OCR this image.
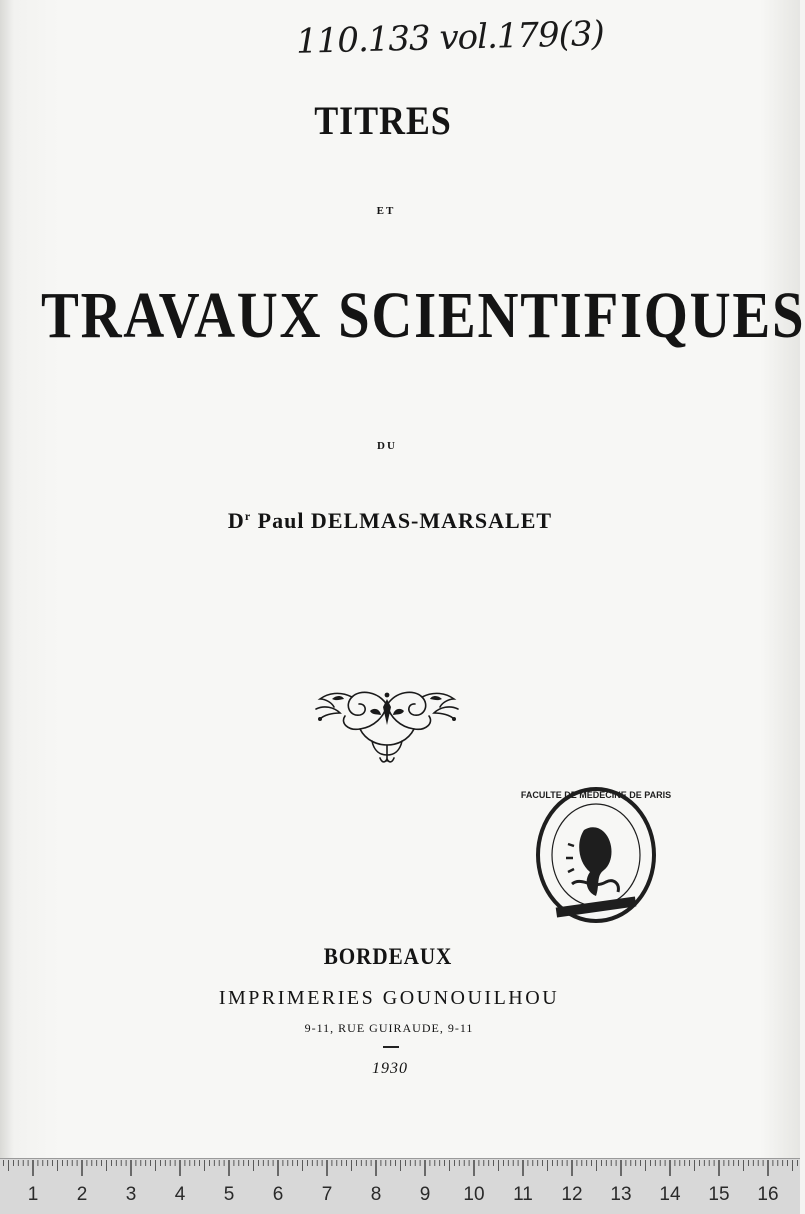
110.133 vol.179(3)
TITRES
ET
TRAVAUX SCIENTIFIQUES
DU
$D^r$ Paul DELMAS-MARSALET
FACULTE DE MEDECINE DE PARIS
BORDEAUX
IMPRIMERIES GOUNOUILHOU
9-11, RUE GUIRAUDE, 9-11
1930
1 2 3 4 5 6 7 8 9 10 11 12 13 14 15 16
